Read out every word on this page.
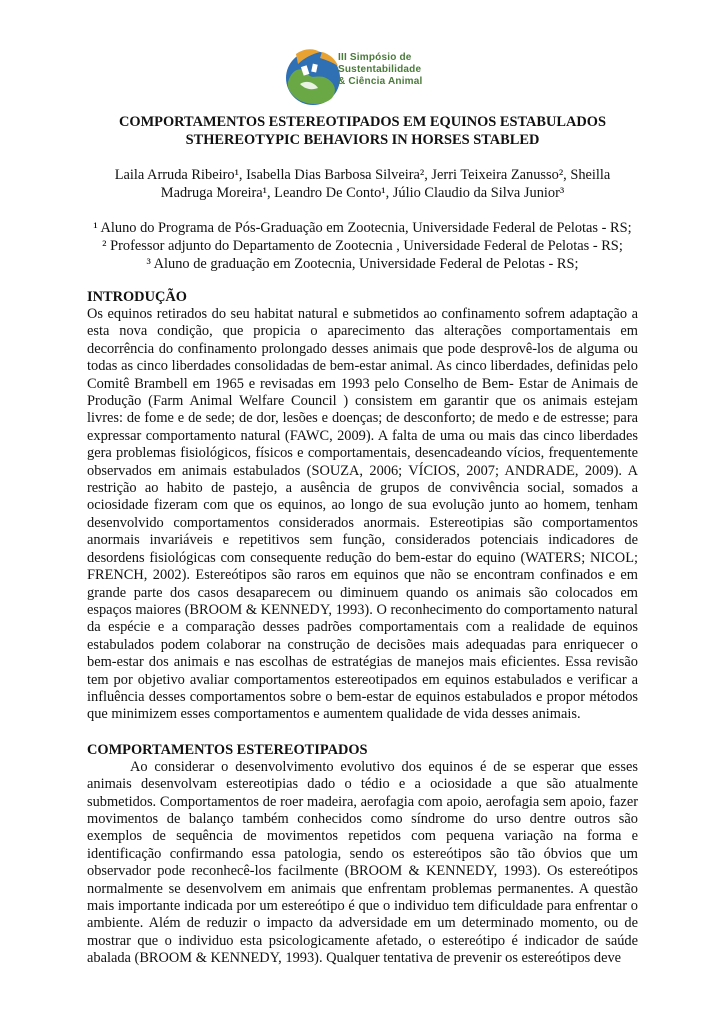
III Simpósio de
Sustentabilidade
& Ciência Animal
COMPORTAMENTOS ESTEREOTIPADOS EM EQUINOS ESTABULADOS
STHEREOTYPIC BEHAVIORS IN HORSES STABLED
Laila Arruda Ribeiro¹, Isabella Dias Barbosa Silveira², Jerri Teixeira Zanusso², Sheilla
Madruga Moreira¹, Leandro De Conto¹, Júlio Claudio da Silva Junior³
¹ Aluno do Programa de Pós-Graduação em Zootecnia, Universidade Federal de Pelotas - RS;
² Professor adjunto do Departamento de Zootecnia , Universidade Federal de Pelotas - RS;
³ Aluno de graduação em Zootecnia, Universidade Federal de Pelotas - RS;
INTRODUÇÃO

Os equinos retirados do seu habitat natural e submetidos ao confinamento sofrem adaptação a esta nova condição, que propicia o aparecimento das alterações comportamentais em decorrência do confinamento prolongado desses animais que pode desprovê-los de alguma ou todas as cinco liberdades consolidadas de bem-estar animal. As cinco liberdades, definidas pelo Comitê Brambell em 1965 e revisadas em 1993 pelo Conselho de Bem- Estar de Animais de Produção (Farm Animal Welfare Council ) consistem em garantir que os animais estejam livres: de fome e de sede; de dor, lesões e doenças; de desconforto; de medo e de estresse; para expressar comportamento natural (FAWC, 2009). A falta de uma ou mais das cinco liberdades gera problemas fisiológicos, físicos e comportamentais, desencadeando vícios, frequentemente observados em animais estabulados (SOUZA, 2006; VÍCIOS, 2007; ANDRADE, 2009). A restrição ao habito de pastejo, a ausência de grupos de convivência social, somados a ociosidade fizeram com que os equinos, ao longo de sua evolução junto ao homem, tenham desenvolvido comportamentos considerados anormais. Estereotipias são comportamentos anormais invariáveis e repetitivos sem função, considerados potenciais indicadores de desordens fisiológicas com consequente redução do bem-estar do equino (WATERS; NICOL; FRENCH, 2002). Estereótipos são raros em equinos que não se encontram confinados e em grande parte dos casos desaparecem ou diminuem quando os animais são colocados em espaços maiores (BROOM & KENNEDY, 1993). O reconhecimento do comportamento natural da espécie e a comparação desses padrões comportamentais com a realidade de equinos estabulados podem colaborar na construção de decisões mais adequadas para enriquecer o bem-estar dos animais e nas escolhas de estratégias de manejos mais eficientes. Essa revisão tem por objetivo avaliar comportamentos estereotipados em equinos estabulados e verificar a influência desses comportamentos sobre o bem-estar de equinos estabulados e propor métodos que minimizem esses comportamentos e aumentem qualidade de vida desses animais.

COMPORTAMENTOS ESTEREOTIPADOS

Ao considerar o desenvolvimento evolutivo dos equinos é de se esperar que esses animais desenvolvam estereotipias dado o tédio e a ociosidade a que são atualmente submetidos. Comportamentos de roer madeira, aerofagia com apoio, aerofagia sem apoio, fazer movimentos de balanço também conhecidos como síndrome do urso dentre outros são exemplos de sequência de movimentos repetidos com pequena variação na forma e identificação confirmando essa patologia, sendo os estereótipos são tão óbvios que um observador pode reconhecê-los facilmente (BROOM & KENNEDY, 1993). Os estereótipos normalmente se desenvolvem em animais que enfrentam problemas permanentes. A questão mais importante indicada por um estereótipo é que o individuo tem dificuldade para enfrentar o ambiente. Além de reduzir o impacto da adversidade em um determinado momento, ou de mostrar que o individuo esta psicologicamente afetado, o estereótipo é indicador de saúde abalada (BROOM & KENNEDY, 1993). Qualquer tentativa de prevenir os estereótipos deve
